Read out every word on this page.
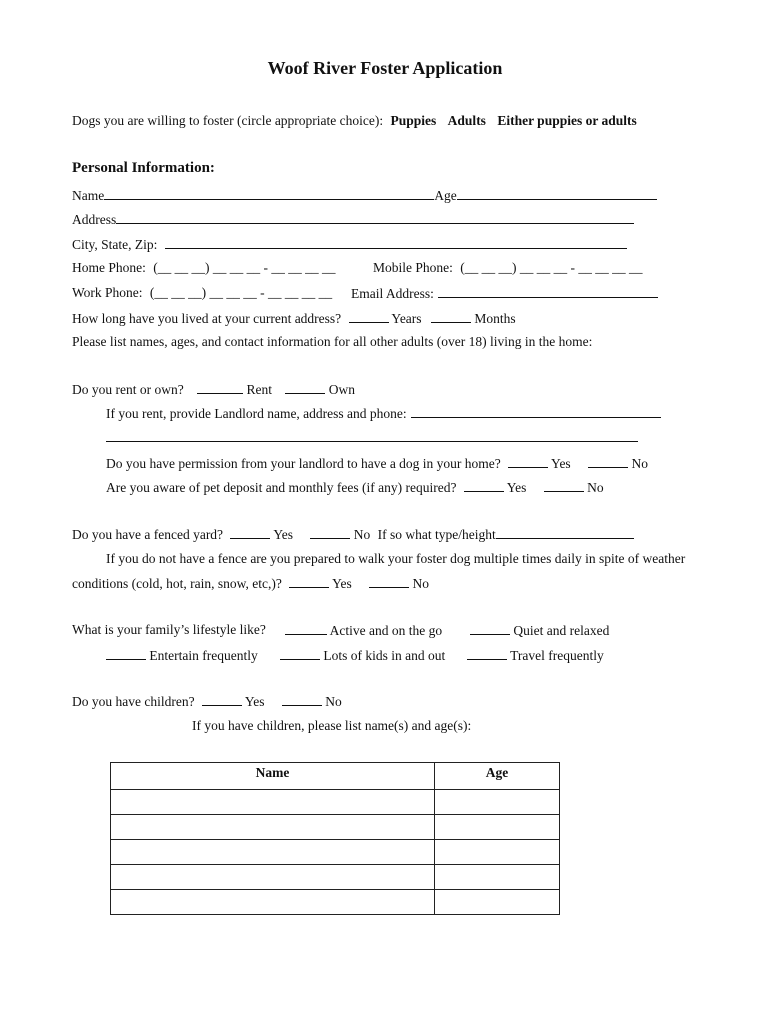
Woof River Foster Application
Dogs you are willing to foster (circle appropriate choice): Puppies Adults Either puppies or adults
Personal Information:
Name	Age
Address
City, State, Zip:
Home Phone: (__ __ __) __ __ __ - __ __ __ __	Mobile Phone: (__ __ __) __ __ __ - __ __ __ __
Work Phone: (__ __ __) __ __ __ - __ __ __ __ Email Address:
How long have you lived at your current address?	Years	Months
Please list names, ages, and contact information for all other adults (over 18) living in the home:
Do you rent or own?	Rent	Own
If you rent, provide Landlord name, address and phone:
Do you have permission from your landlord to have a dog in your home?	Yes	No
Are you aware of pet deposit and monthly fees (if any) required?	Yes	No
Do you have a fenced yard?	Yes	No If so what type/height
If you do not have a fence are you prepared to walk your foster dog multiple times daily in spite of weather
conditions (cold, hot, rain, snow, etc,)?	Yes	No
What is your family’s lifestyle like?	Active and on the go	Quiet and relaxed
Entertain frequently	Lots of kids in and out	Travel frequently
Do you have children?	Yes	No
If you have children, please list name(s) and age(s):
Name	Age
